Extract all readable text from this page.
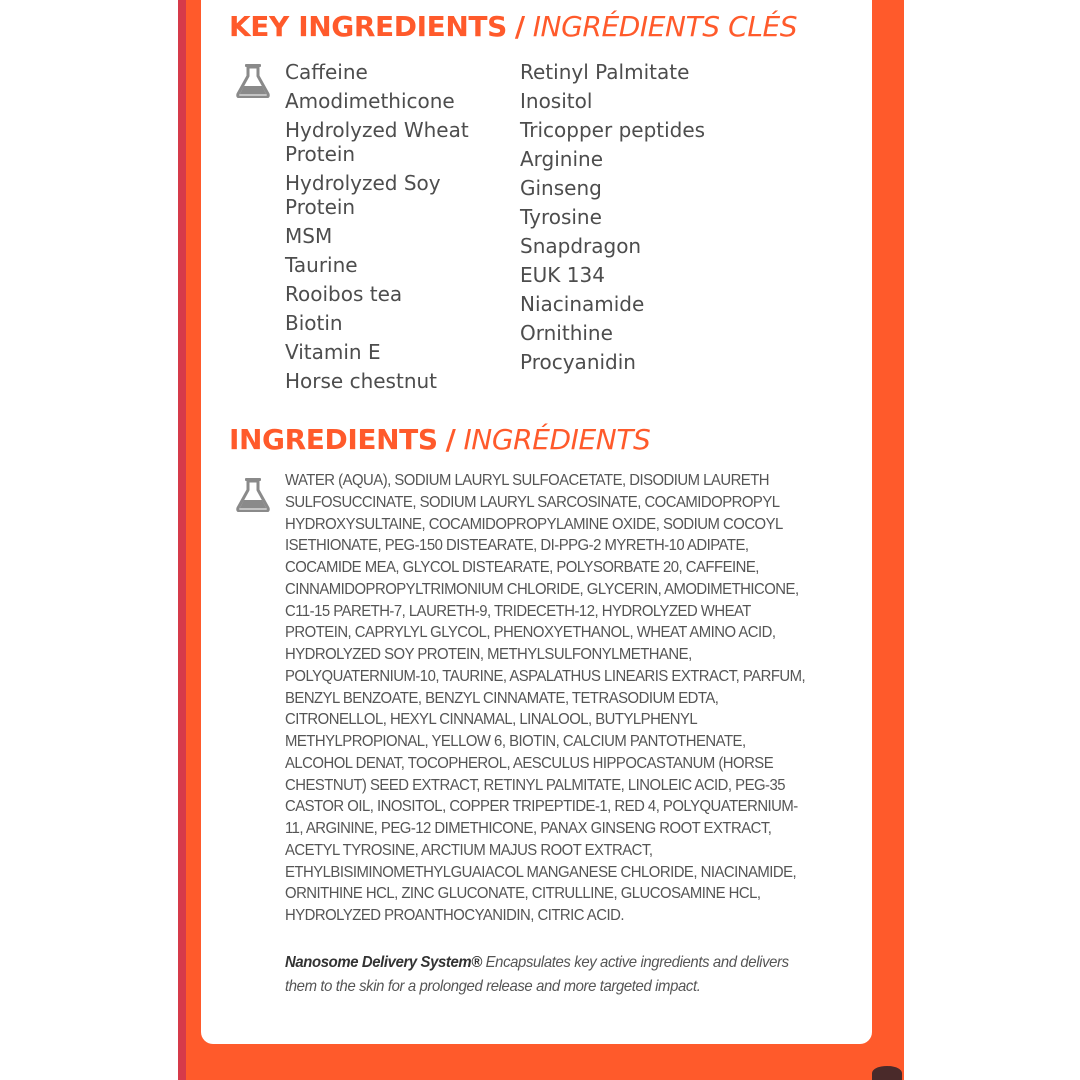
KEY INGREDIENTS / INGRÉDIENTS CLÉS
Caffeine
Amodimethicone
Hydrolyzed Wheat Protein
Hydrolyzed Soy Protein
MSM
Taurine
Rooibos tea
Biotin
Vitamin E
Horse chestnut
Retinyl Palmitate
Inositol
Tricopper peptides
Arginine
Ginseng
Tyrosine
Snapdragon
EUK 134
Niacinamide
Ornithine
Procyanidin
INGREDIENTS / INGRÉDIENTS

WATER (AQUA), SODIUM LAURYL SULFOACETATE, DISODIUM LAURETH SULFOSUCCINATE, SODIUM LAURYL SARCOSINATE, COCAMIDOPROPYL HYDROXYSULTAINE, COCAMIDOPROPYLAMINE OXIDE, SODIUM COCOYL ISETHIONATE, PEG-150 DISTEARATE, DI-PPG-2 MYRETH-10 ADIPATE, COCAMIDE MEA, GLYCOL DISTEARATE, POLYSORBATE 20, CAFFEINE, CINNAMIDOPROPYLTRIMONIUM CHLORIDE, GLYCERIN, AMODIMETHICONE, C11-15 PARETH-7, LAURETH-9, TRIDECETH-12, HYDROLYZED WHEAT PROTEIN, CAPRYLYL GLYCOL, PHENOXYETHANOL, WHEAT AMINO ACID, HYDROLYZED SOY PROTEIN, METHYLSULFONYLMETHANE, POLYQUATERNIUM-10, TAURINE, ASPALATHUS LINEARIS EXTRACT, PARFUM, BENZYL BENZOATE, BENZYL CINNAMATE, TETRASODIUM EDTA, CITRONELLOL, HEXYL CINNAMAL, LINALOOL, BUTYLPHENYL METHYLPROPIONAL, YELLOW 6, BIOTIN, CALCIUM PANTOTHENATE, ALCOHOL DENAT, TOCOPHEROL, AESCULUS HIPPOCASTANUM (HORSE CHESTNUT) SEED EXTRACT, RETINYL PALMITATE, LINOLEIC ACID, PEG-35 CASTOR OIL, INOSITOL, COPPER TRIPEPTIDE-1, RED 4, POLYQUATERNIUM-11, ARGININE, PEG-12 DIMETHICONE, PANAX GINSENG ROOT EXTRACT, ACETYL TYROSINE, ARCTIUM MAJUS ROOT EXTRACT, ETHYLBISIMINOMETHYLGUAIACOL MANGANESE CHLORIDE, NIACINAMIDE, ORNITHINE HCL, ZINC GLUCONATE, CITRULLINE, GLUCOSAMINE HCL, HYDROLYZED PROANTHOCYANIDIN, CITRIC ACID.

Nanosome Delivery System® Encapsulates key active ingredients and delivers them to the skin for a prolonged release and more targeted impact.
